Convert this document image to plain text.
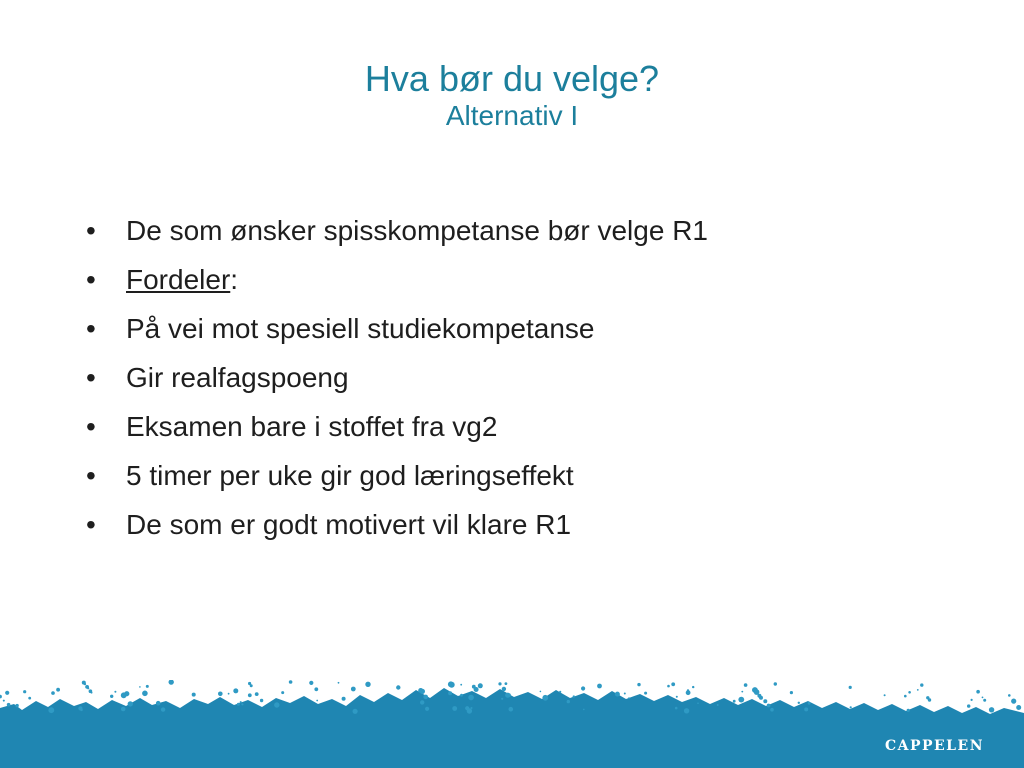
Hva bør du velge?
Alternativ I
•	De som ønsker spisskompetanse bør velge R1
•	Fordeler:
•	På vei mot spesiell studiekompetanse
•	Gir realfagspoeng
•	Eksamen bare i stoffet fra vg2
•	5 timer per uke gir god læringseffekt
•	De som er godt motivert vil klare R1
CAPPELEN
